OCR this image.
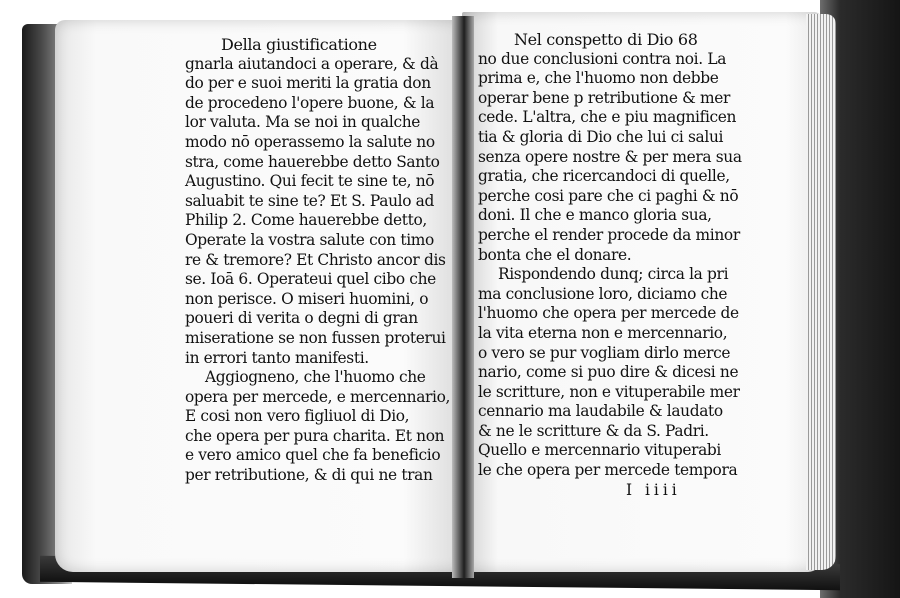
Della giustificatione
gnarla aiutandoci a operare, & dà
do per e suoi meriti la gratia don
de procedeno l'opere buone, & la
lor valuta. Ma se noi in qualche
modo nō operassemo la salute no
stra, come hauerebbe detto Santo
Augustino. Qui fecit te sine te, nō
saluabit te sine te? Et S. Paulo ad
Philip 2. Come hauerebbe detto,
Operate la vostra salute con timo
re & tremore? Et Christo ancor dis
se. Ioā 6. Operateui quel cibo che
non perisce. O miseri huomini, o
poueri di verita o degni di gran
miseratione se non fussen proterui
in errori tanto manifesti.
Aggiogneno, che l'huomo che
opera per mercede, e mercennario,
E cosi non vero figliuol di Dio,
che opera per pura charita. Et non
e vero amico quel che fa beneficio
per retributione, & di qui ne tran
Nel conspetto di Dio 68
no due conclusioni contra noi. La
prima e, che l'huomo non debbe
operar bene p retributione & mer
cede. L'altra, che e piu magnificen
tia & gloria di Dio che lui ci salui
senza opere nostre & per mera sua
gratia, che ricercandoci di quelle,
perche cosi pare che ci paghi & nō
doni. Il che e manco gloria sua,
perche el render procede da minor
bonta che el donare.
Rispondendo dunq; circa la pri
ma conclusione loro, diciamo che
l'huomo che opera per mercede de
la vita eterna non e mercennario,
o vero se pur vogliam dirlo merce
nario, come si puo dire & dicesi ne
le scritture, non e vituperabile mer
cennario ma laudabile & laudato
& ne le scritture & da S. Padri.
Quello e mercennario vituperabi
le che opera per mercede tempora
I iiii
